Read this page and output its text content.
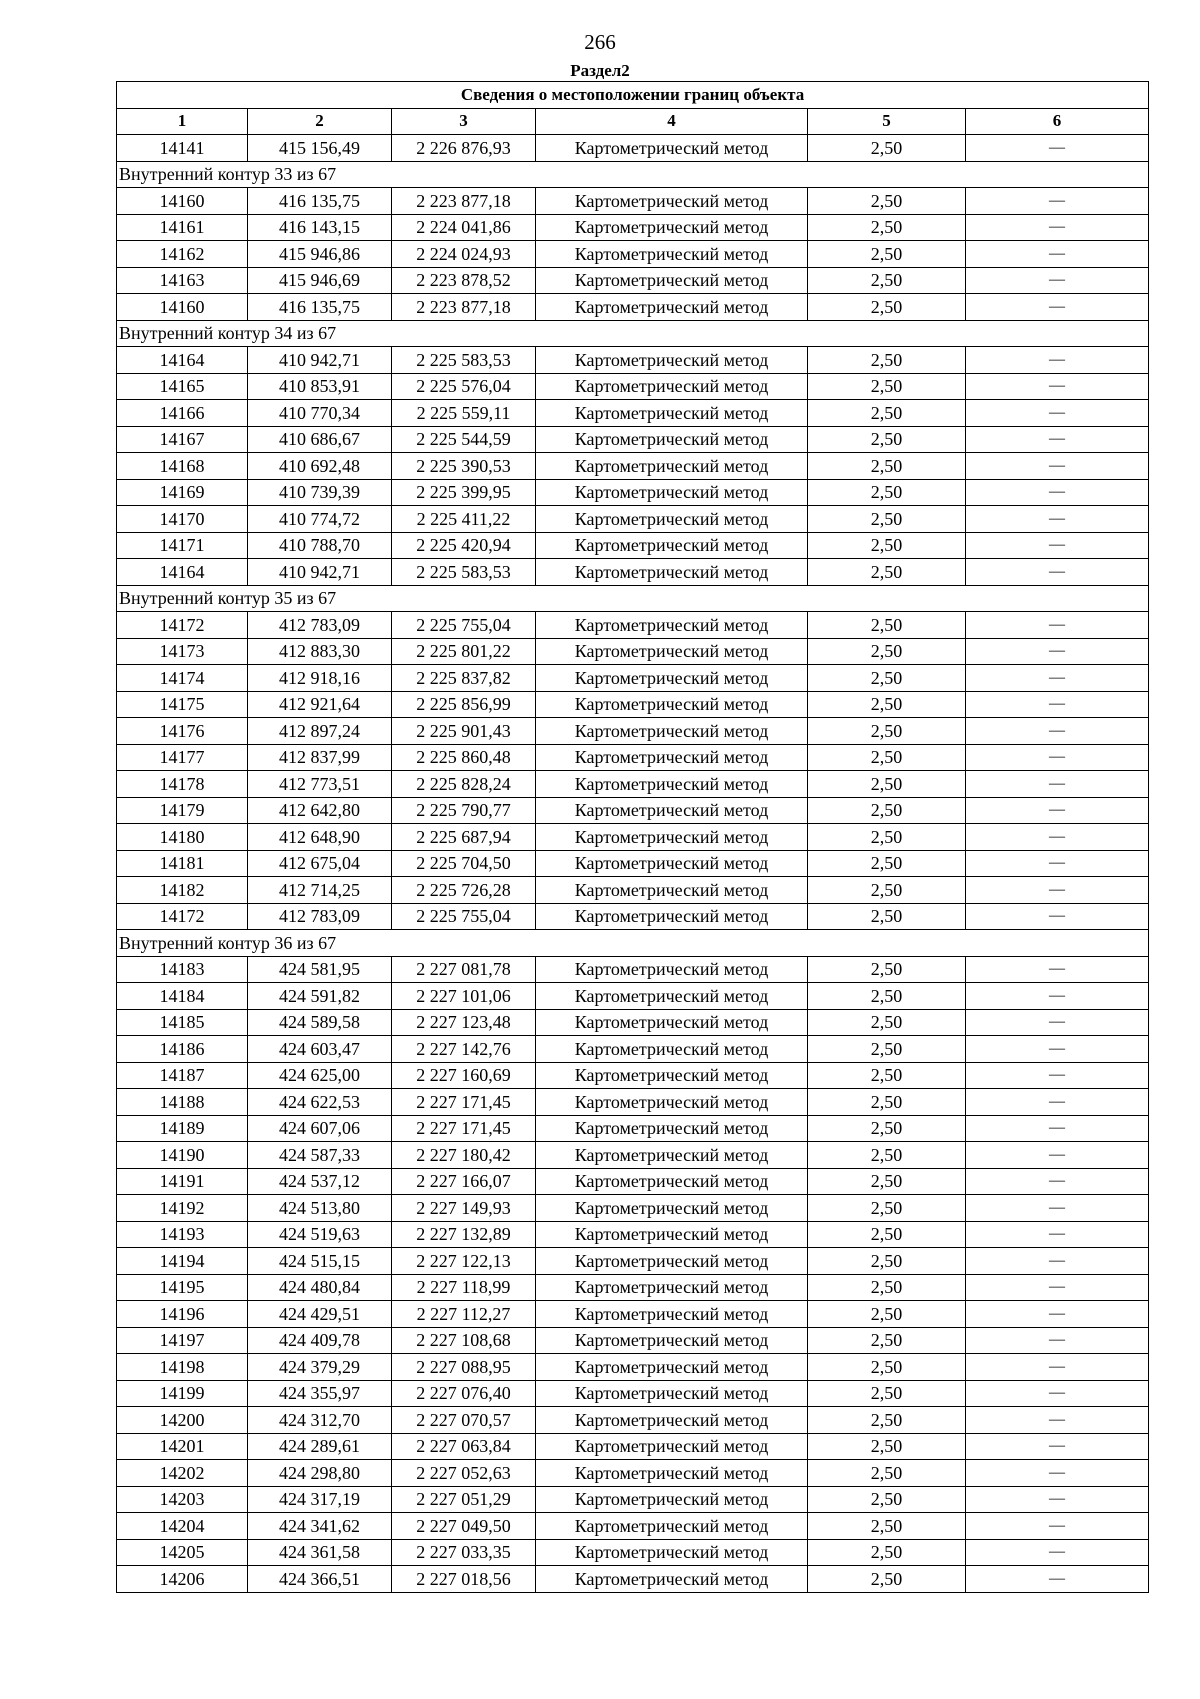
266
Раздел2
Сведения о местоположении границ объекта					
1	2	3	4	5	6
14141	415 156,49	2 226 876,93	Картометрический метод	2,50	—
Внутренний контур 33 из 67					
14160	416 135,75	2 223 877,18	Картометрический метод	2,50	—
14161	416 143,15	2 224 041,86	Картометрический метод	2,50	—
14162	415 946,86	2 224 024,93	Картометрический метод	2,50	—
14163	415 946,69	2 223 878,52	Картометрический метод	2,50	—
14160	416 135,75	2 223 877,18	Картометрический метод	2,50	—
Внутренний контур 34 из 67					
14164	410 942,71	2 225 583,53	Картометрический метод	2,50	—
14165	410 853,91	2 225 576,04	Картометрический метод	2,50	—
14166	410 770,34	2 225 559,11	Картометрический метод	2,50	—
14167	410 686,67	2 225 544,59	Картометрический метод	2,50	—
14168	410 692,48	2 225 390,53	Картометрический метод	2,50	—
14169	410 739,39	2 225 399,95	Картометрический метод	2,50	—
14170	410 774,72	2 225 411,22	Картометрический метод	2,50	—
14171	410 788,70	2 225 420,94	Картометрический метод	2,50	—
14164	410 942,71	2 225 583,53	Картометрический метод	2,50	—
Внутренний контур 35 из 67					
14172	412 783,09	2 225 755,04	Картометрический метод	2,50	—
14173	412 883,30	2 225 801,22	Картометрический метод	2,50	—
14174	412 918,16	2 225 837,82	Картометрический метод	2,50	—
14175	412 921,64	2 225 856,99	Картометрический метод	2,50	—
14176	412 897,24	2 225 901,43	Картометрический метод	2,50	—
14177	412 837,99	2 225 860,48	Картометрический метод	2,50	—
14178	412 773,51	2 225 828,24	Картометрический метод	2,50	—
14179	412 642,80	2 225 790,77	Картометрический метод	2,50	—
14180	412 648,90	2 225 687,94	Картометрический метод	2,50	—
14181	412 675,04	2 225 704,50	Картометрический метод	2,50	—
14182	412 714,25	2 225 726,28	Картометрический метод	2,50	—
14172	412 783,09	2 225 755,04	Картометрический метод	2,50	—
Внутренний контур 36 из 67					
14183	424 581,95	2 227 081,78	Картометрический метод	2,50	—
14184	424 591,82	2 227 101,06	Картометрический метод	2,50	—
14185	424 589,58	2 227 123,48	Картометрический метод	2,50	—
14186	424 603,47	2 227 142,76	Картометрический метод	2,50	—
14187	424 625,00	2 227 160,69	Картометрический метод	2,50	—
14188	424 622,53	2 227 171,45	Картометрический метод	2,50	—
14189	424 607,06	2 227 171,45	Картометрический метод	2,50	—
14190	424 587,33	2 227 180,42	Картометрический метод	2,50	—
14191	424 537,12	2 227 166,07	Картометрический метод	2,50	—
14192	424 513,80	2 227 149,93	Картометрический метод	2,50	—
14193	424 519,63	2 227 132,89	Картометрический метод	2,50	—
14194	424 515,15	2 227 122,13	Картометрический метод	2,50	—
14195	424 480,84	2 227 118,99	Картометрический метод	2,50	—
14196	424 429,51	2 227 112,27	Картометрический метод	2,50	—
14197	424 409,78	2 227 108,68	Картометрический метод	2,50	—
14198	424 379,29	2 227 088,95	Картометрический метод	2,50	—
14199	424 355,97	2 227 076,40	Картометрический метод	2,50	—
14200	424 312,70	2 227 070,57	Картометрический метод	2,50	—
14201	424 289,61	2 227 063,84	Картометрический метод	2,50	—
14202	424 298,80	2 227 052,63	Картометрический метод	2,50	—
14203	424 317,19	2 227 051,29	Картометрический метод	2,50	—
14204	424 341,62	2 227 049,50	Картометрический метод	2,50	—
14205	424 361,58	2 227 033,35	Картометрический метод	2,50	—
14206	424 366,51	2 227 018,56	Картометрический метод	2,50	—
